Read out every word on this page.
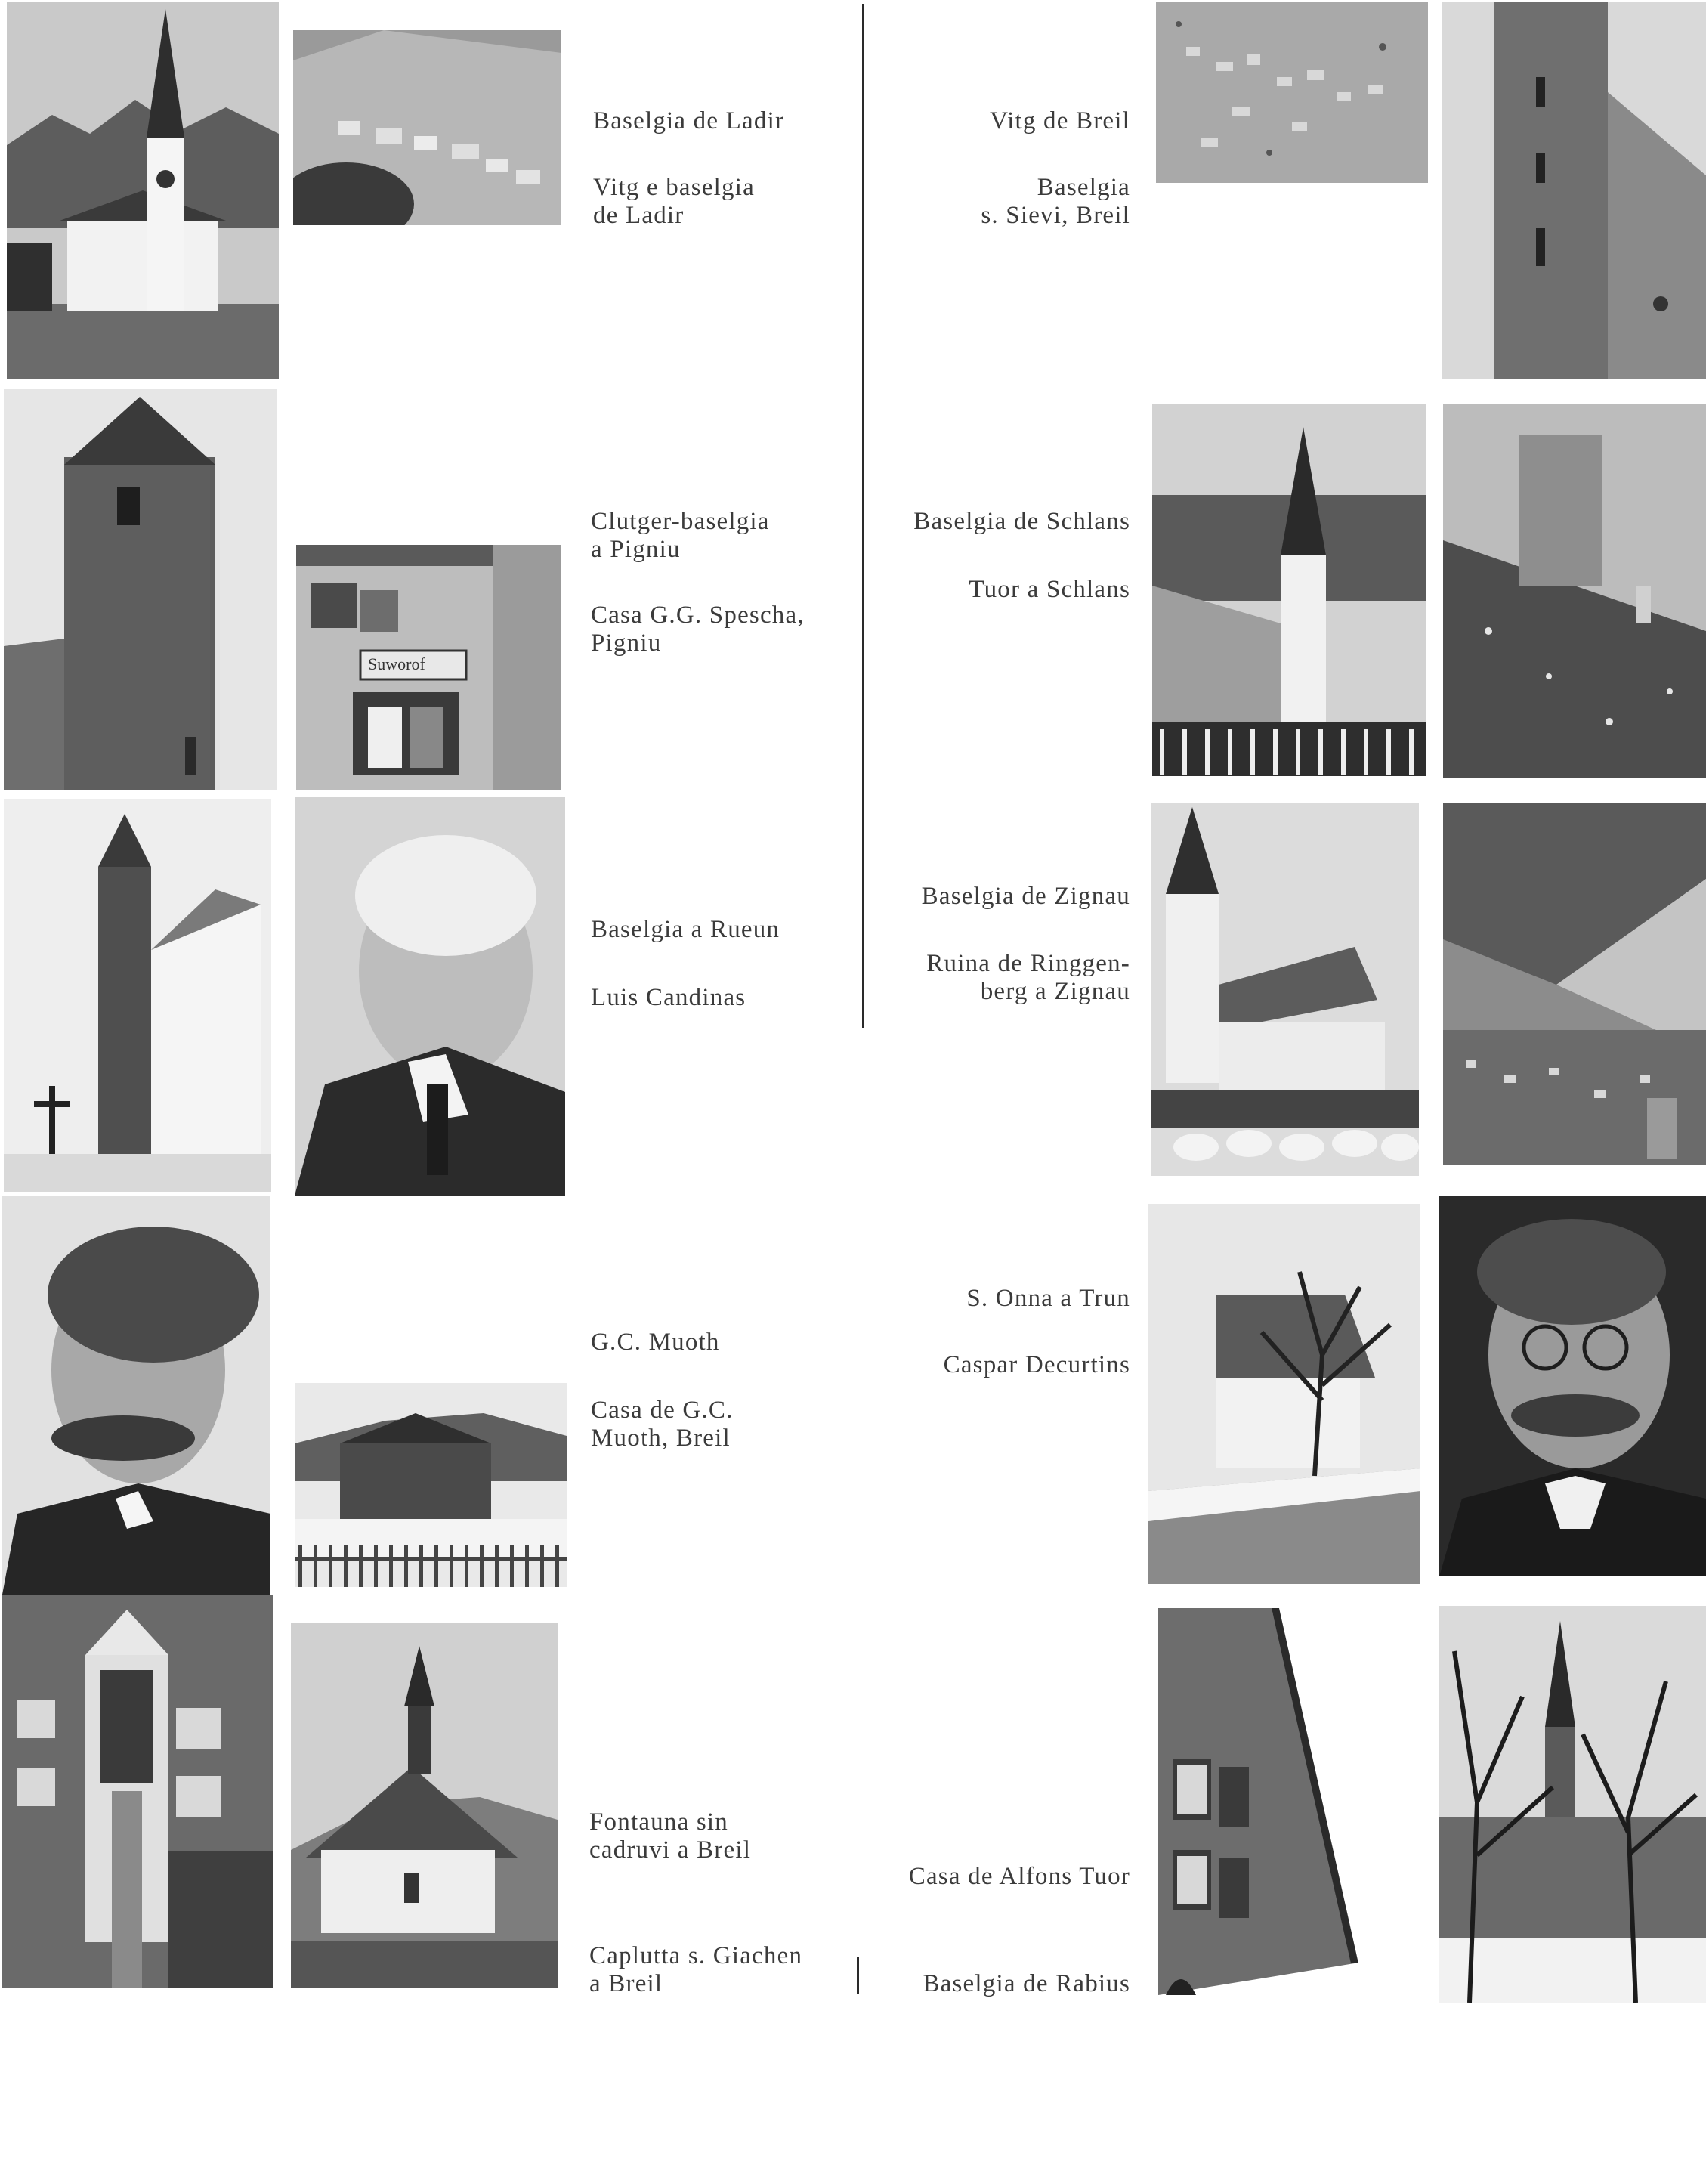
Baselgia de Ladir
Vitg e baselgia
de Ladir
Vitg de Breil
Baselgia
s. Sievi, Breil
Suworof
Clutger-baselgia
a Pigniu
Casa G.G. Spescha,
Pigniu
Baselgia de Schlans
Tuor a Schlans
Baselgia a Rueun
Luis Candinas
Baselgia de Zignau
Ruina de Ringgen-
berg a Zignau
G.C. Muoth
Casa de G.C.
Muoth, Breil
S. Onna a Trun
Caspar Decurtins
Fontauna sin
cadruvi a Breil
Caplutta s. Giachen
a Breil
Casa de Alfons Tuor
Baselgia de Rabius
